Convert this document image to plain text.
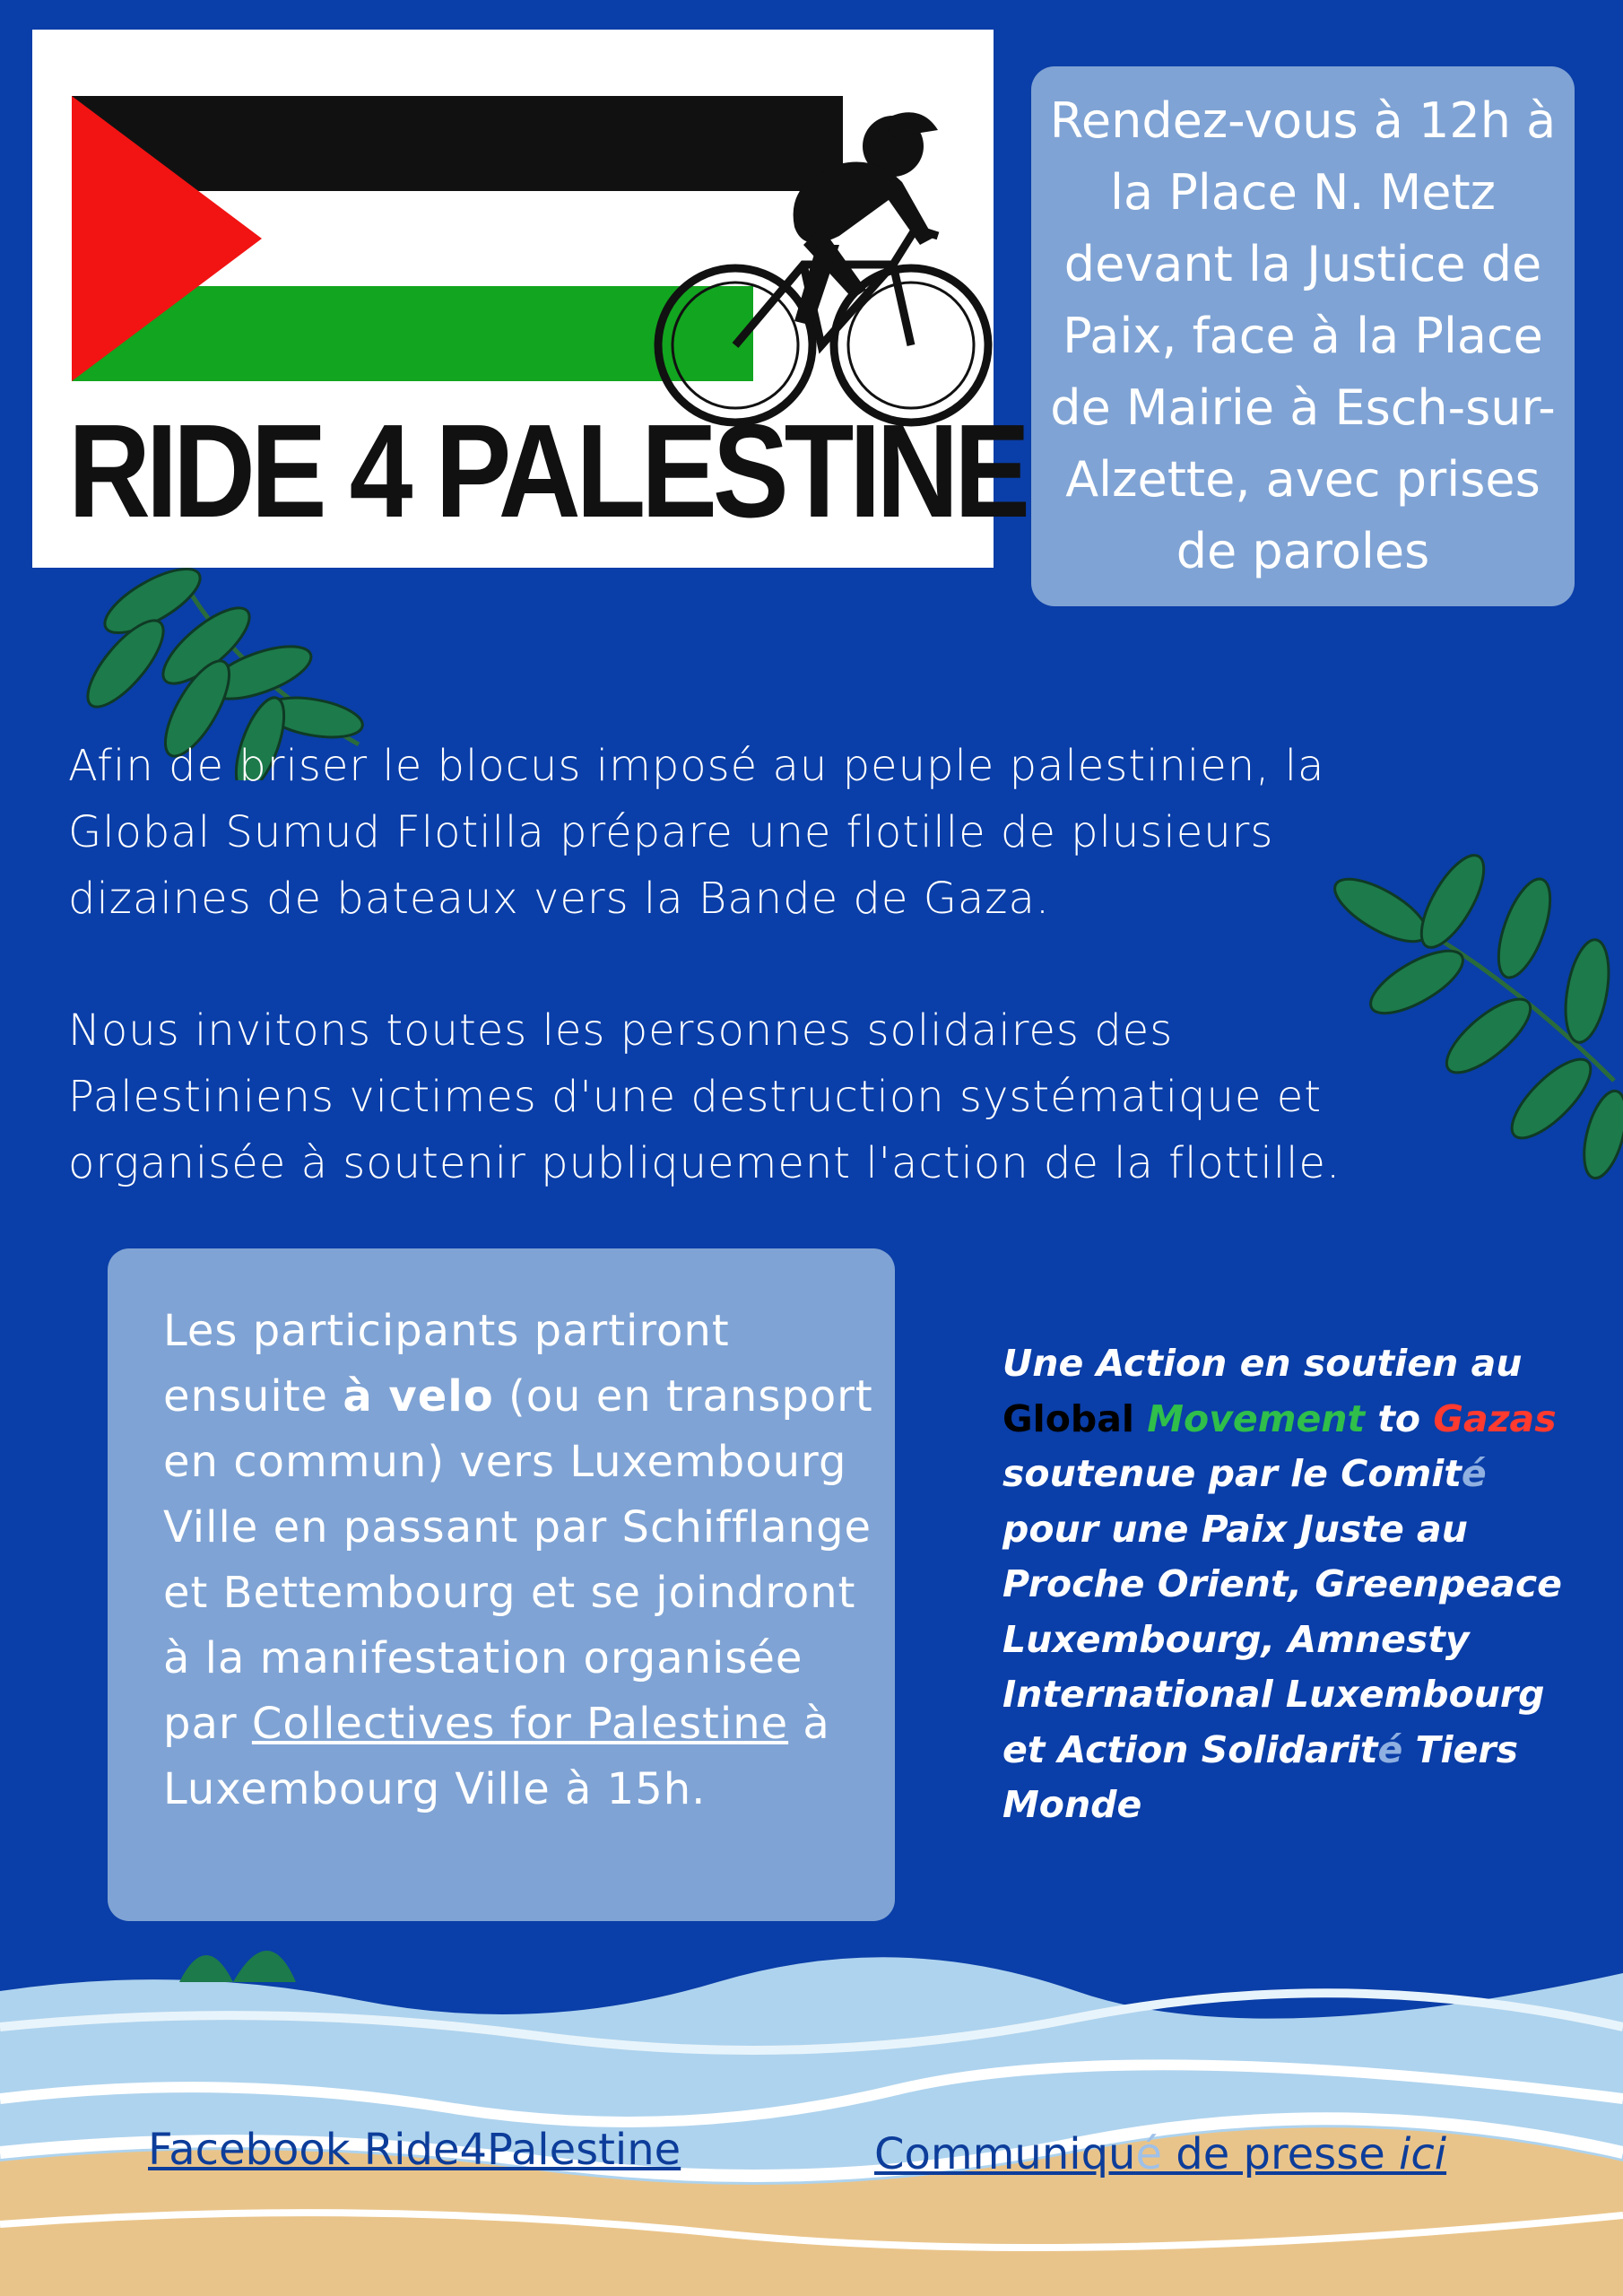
RIDE 4 PALESTINE
Rendez-vous à 12h à la Place N. Metz devant la Justice de Paix, face à la Place de Mairie à Esch-sur-Alzette, avec prises de paroles
Afin de briser le blocus imposé au peuple palestinien, la Global Sumud Flotilla prépare une flotille de plusieurs dizaines de bateaux vers la Bande de Gaza.
Nous invitons toutes les personnes solidaires des Palestiniens victimes d'une destruction systématique et organisée à soutenir publiquement l'action de la flottille.
Les participants partiront ensuite à velo (ou en transport en commun) vers Luxembourg Ville en passant par Schifflange et Bettembourg et se joindront à la manifestation organisée par Collectives for Palestine à Luxembourg Ville à 15h.
Une Action en soutien au Global Movement to Gazas soutenue par le Comité pour une Paix Juste au Proche Orient, Greenpeace Luxembourg, Amnesty International Luxembourg et Action Solidarité Tiers Monde
Facebook Ride4Palestine	Communiqué de presse ici
